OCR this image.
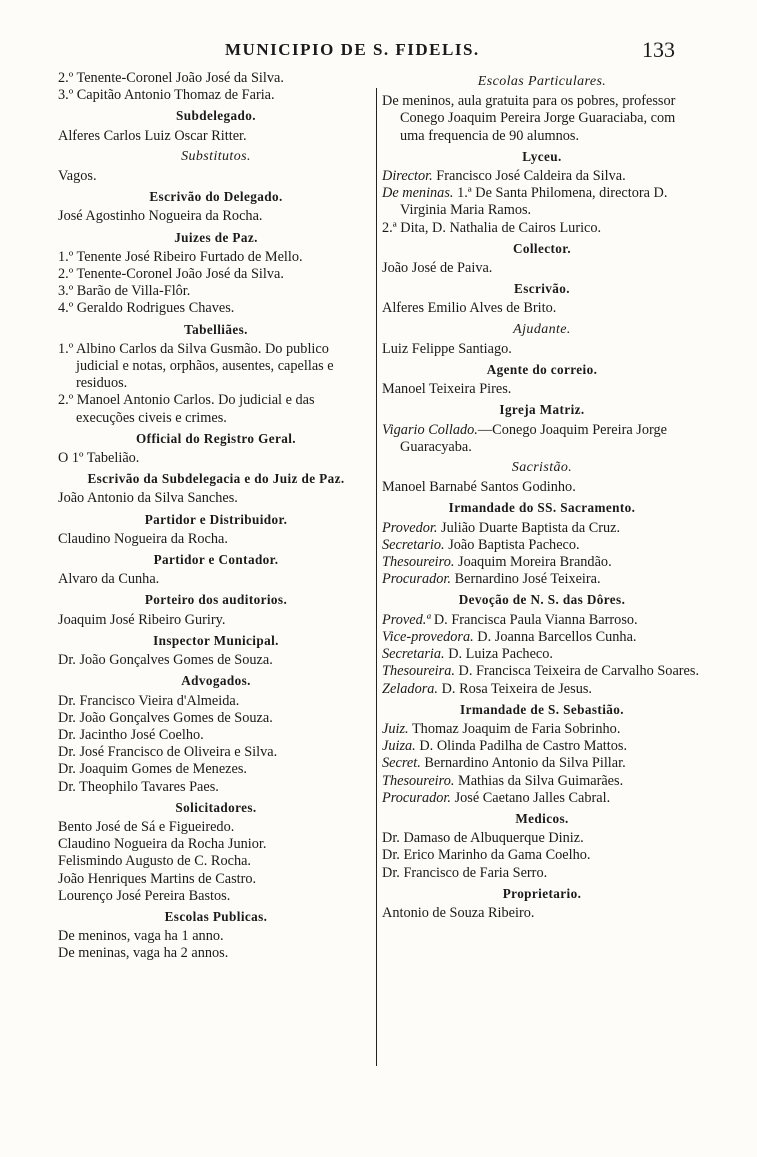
MUNICIPIO DE S. FIDELIS.	133
2.º Tenente-Coronel João José da Silva.
3.º Capitão Antonio Thomaz de Faria.
Subdelegado.
Alferes Carlos Luiz Oscar Ritter.
Substitutos.
Vagos.
Escrivão do Delegado.
José Agostinho Nogueira da Rocha.
Juizes de Paz.
1.º Tenente José Ribeiro Furtado de Mello.
2.º Tenente-Coronel João José da Silva.
3.º Barão de Villa-Flôr.
4.º Geraldo Rodrigues Chaves.
Tabelliães.
1.º Albino Carlos da Silva Gusmão. Do publico judicial e notas, orphãos, ausentes, capellas e residuos.
2.º Manoel Antonio Carlos. Do judicial e das execuções civeis e crimes.
Official do Registro Geral.
O 1º Tabelião.
Escrivão da Subdelegacia e do Juiz de Paz.
João Antonio da Silva Sanches.
Partidor e Distribuidor.
Claudino Nogueira da Rocha.
Partidor e Contador.
Alvaro da Cunha.
Porteiro dos auditorios.
Joaquim José Ribeiro Guriry.
Inspector Municipal.
Dr. João Gonçalves Gomes de Souza.
Advogados.
Dr. Francisco Vieira d'Almeida.
Dr. João Gonçalves Gomes de Souza.
Dr. Jacintho José Coelho.
Dr. José Francisco de Oliveira e Silva.
Dr. Joaquim Gomes de Menezes.
Dr. Theophilo Tavares Paes.
Solicitadores.
Bento José de Sá e Figueiredo.
Claudino Nogueira da Rocha Junior.
Felismindo Augusto de C. Rocha.
João Henriques Martins de Castro.
Lourenço José Pereira Bastos.
Escolas Publicas.
De meninos, vaga ha 1 anno.
De meninas, vaga ha 2 annos.
Escolas Particulares.
De meninos, aula gratuita para os pobres, professor Conego Joaquim Pereira Jorge Guaraciaba, com uma frequencia de 90 alumnos.
Lyceu.
Director. Francisco José Caldeira da Silva.
De meninas. 1.ª De Santa Philomena, directora D. Virginia Maria Ramos.
2.ª Dita, D. Nathalia de Cairos Lurico.
Collector.
João José de Paiva.
Escrivão.
Alferes Emilio Alves de Brito.
Ajudante.
Luiz Felippe Santiago.
Agente do correio.
Manoel Teixeira Pires.
Igreja Matriz.
Vigario Collado.—Conego Joaquim Pereira Jorge Guaracyaba.
Sacristão.
Manoel Barnabé Santos Godinho.
Irmandade do SS. Sacramento.
Provedor. Julião Duarte Baptista da Cruz.
Secretario. João Baptista Pacheco.
Thesoureiro. Joaquim Moreira Brandão.
Procurador. Bernardino José Teixeira.
Devoção de N. S. das Dôres.
Proved.ª D. Francisca Paula Vianna Barroso.
Vice-provedora. D. Joanna Barcellos Cunha.
Secretaria. D. Luiza Pacheco.
Thesoureira. D. Francisca Teixeira de Carvalho Soares.
Zeladora. D. Rosa Teixeira de Jesus.
Irmandade de S. Sebastião.
Juiz. Thomaz Joaquim de Faria Sobrinho.
Juiza. D. Olinda Padilha de Castro Mattos.
Secret. Bernardino Antonio da Silva Pillar.
Thesoureiro. Mathias da Silva Guimarães.
Procurador. José Caetano Jalles Cabral.
Medicos.
Dr. Damaso de Albuquerque Diniz.
Dr. Erico Marinho da Gama Coelho.
Dr. Francisco de Faria Serro.
Proprietario.
Antonio de Souza Ribeiro.
